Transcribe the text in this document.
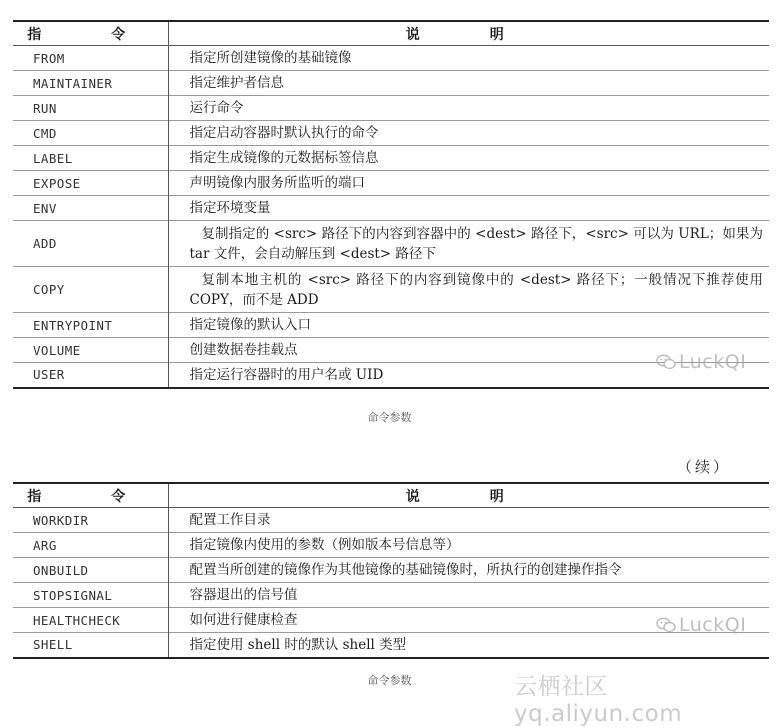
指　令	说　明
FROM	指定所创建镜像的基础镜像
MAINTAINER	指定维护者信息
RUN	运行命令
CMD	指定启动容器时默认执行的命令
LABEL	指定生成镜像的元数据标签信息
EXPOSE	声明镜像内服务所监听的端口
ENV	指定环境变量
ADD	复制指定的 <src> 路径下的内容到容器中的 <dest> 路径下，<src> 可以为 URL；如果为 tar 文件，会自动解压到 <dest> 路径下
COPY	复制本地主机的 <src> 路径下的内容到镜像中的 <dest> 路径下；一般情况下推荐使用 COPY，而不是 ADD
ENTRYPOINT	指定镜像的默认入口
VOLUME	创建数据卷挂载点
USER	指定运行容器时的用户名或 UID
LuckQI
命令参数
（续）
指　令	说　明
WORKDIR	配置工作目录
ARG	指定镜像内使用的参数（例如版本号信息等）
ONBUILD	配置当所创建的镜像作为其他镜像的基础镜像时，所执行的创建操作指令
STOPSIGNAL	容器退出的信号值
HEALTHCHECK	如何进行健康检查
SHELL	指定使用 shell 时的默认 shell 类型
LuckQI
命令参数	云栖社区 yq.aliyun.com
